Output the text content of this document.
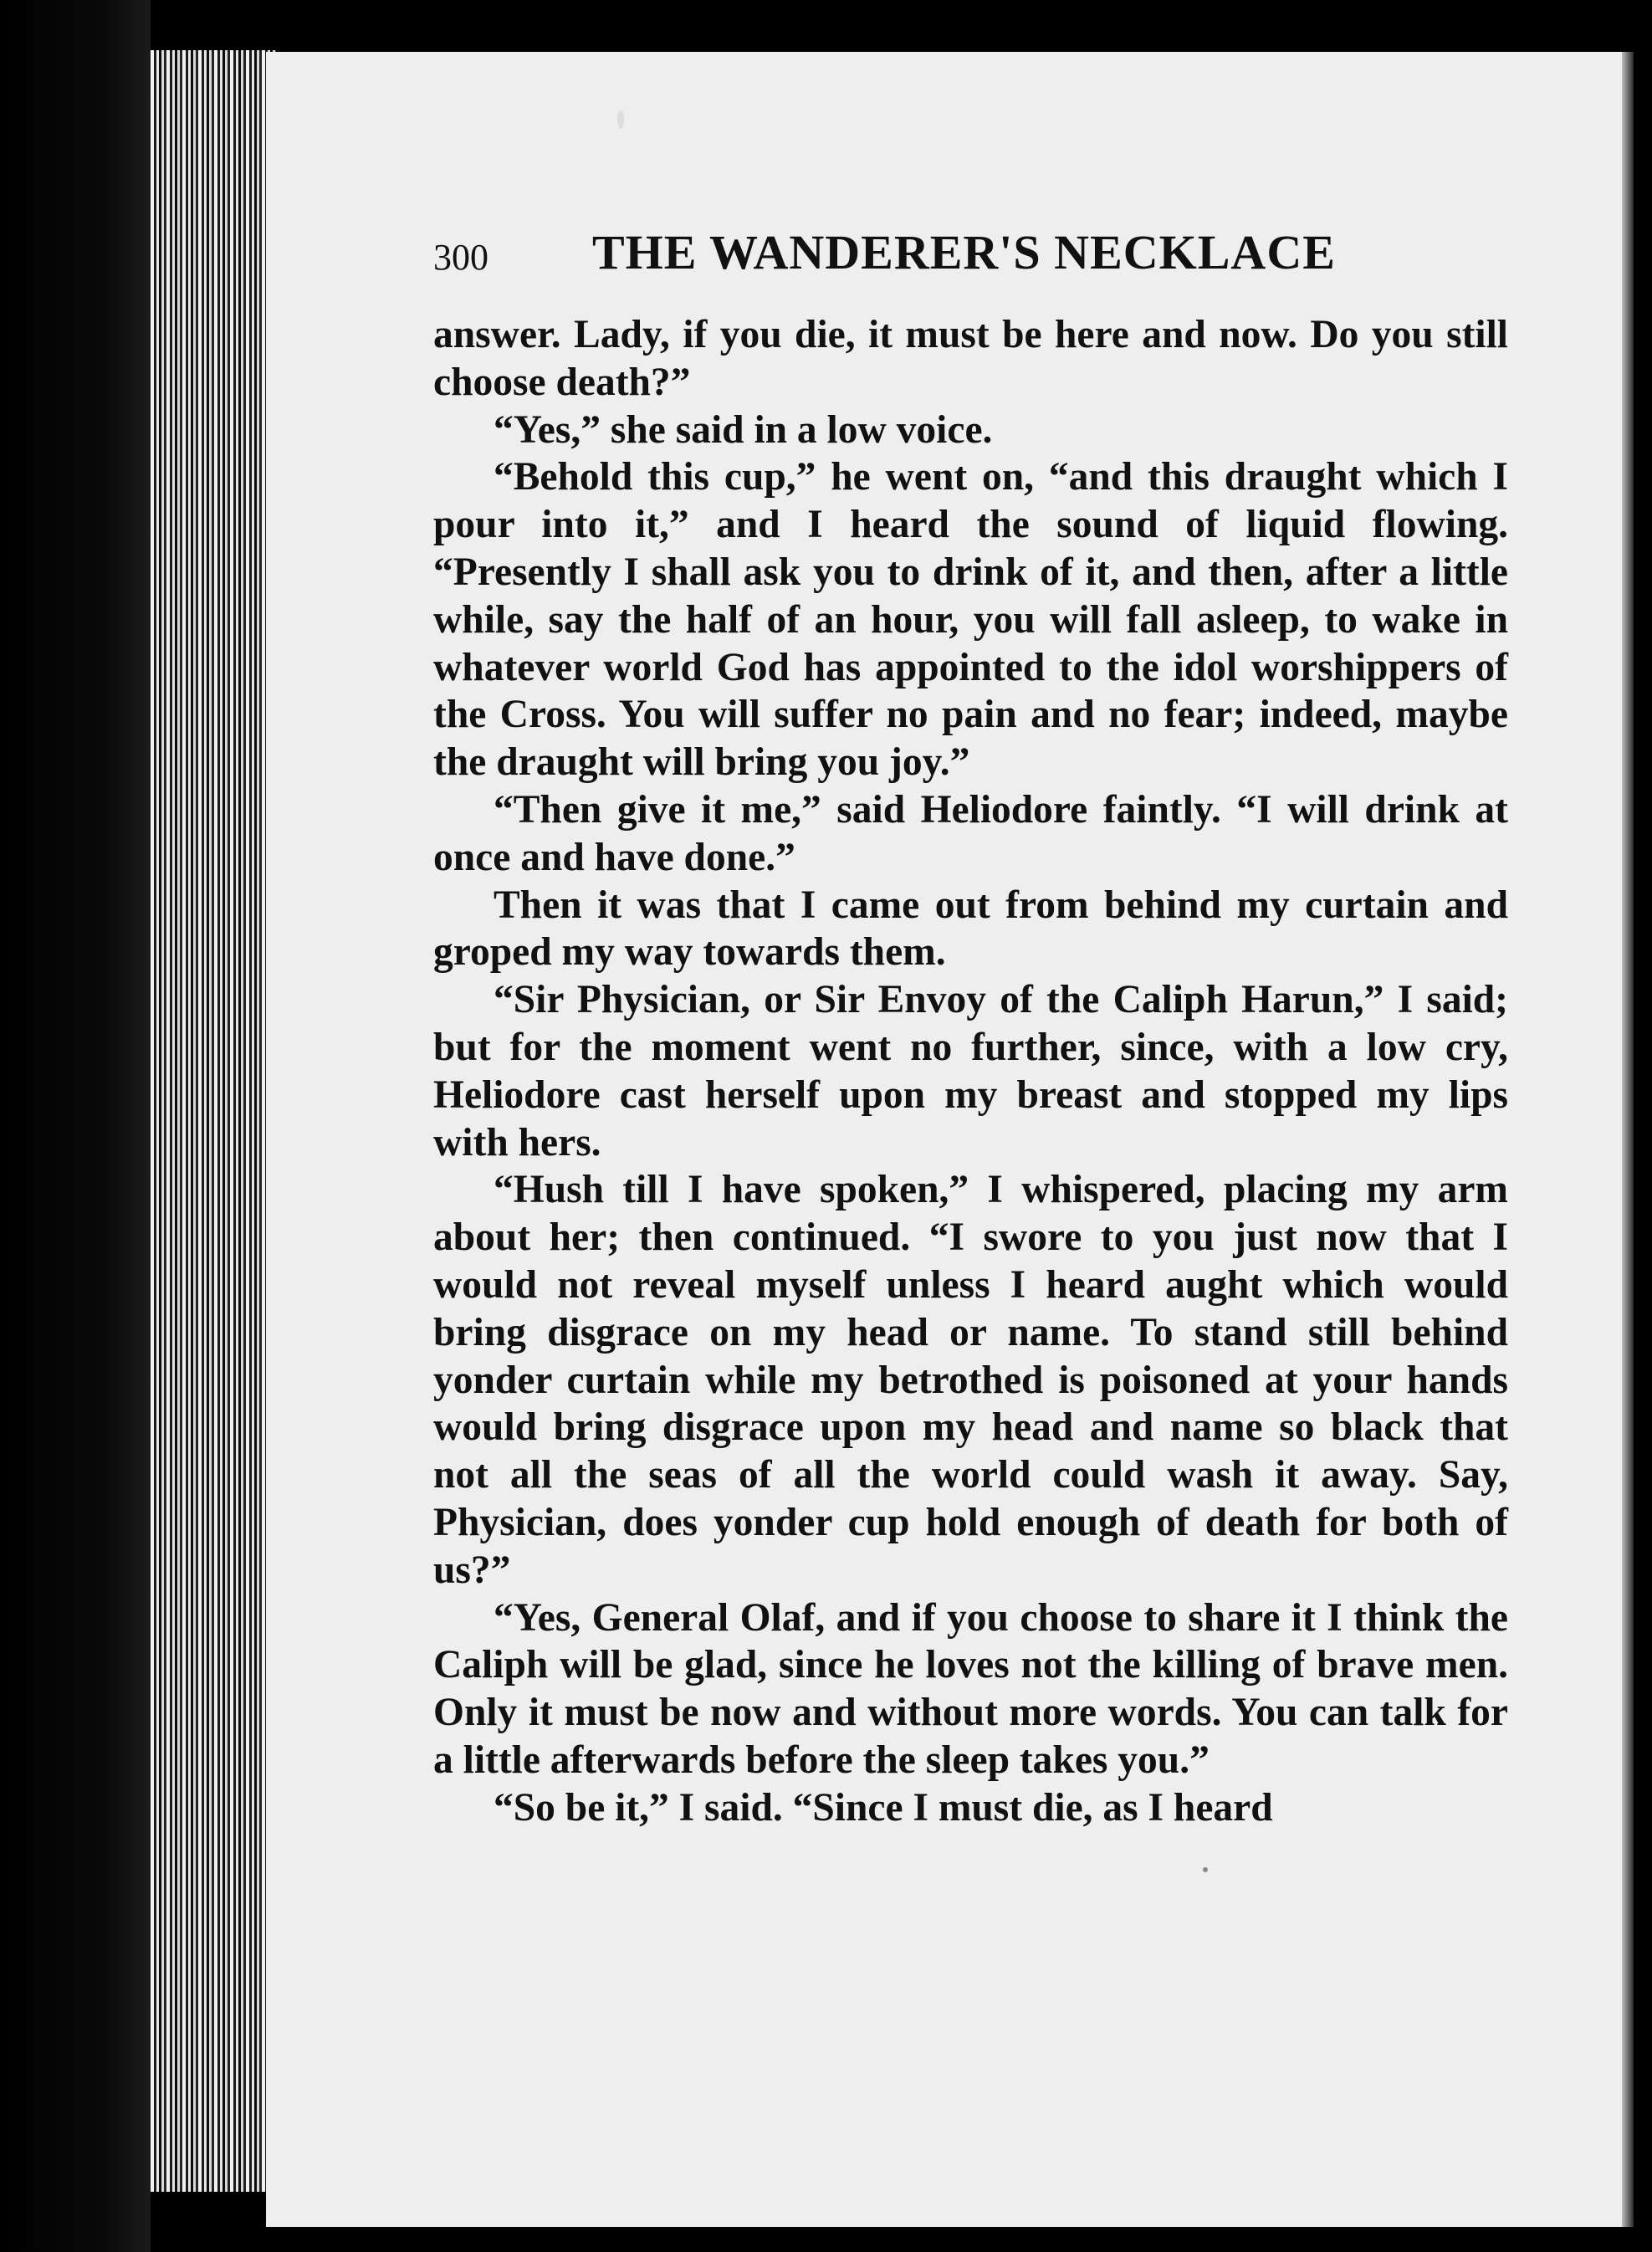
300 THE WANDERER'S NECKLACE

answer. Lady, if you die, it must be here and now. Do you still choose death?”

“Yes,” she said in a low voice.

“Behold this cup,” he went on, “and this draught which I pour into it,” and I heard the sound of liquid flowing. “Presently I shall ask you to drink of it, and then, after a little while, say the half of an hour, you will fall asleep, to wake in whatever world God has appointed to the idol worshippers of the Cross. You will suffer no pain and no fear; indeed, maybe the draught will bring you joy.”

“Then give it me,” said Heliodore faintly. “I will drink at once and have done.”

Then it was that I came out from behind my curtain and groped my way towards them.

“Sir Physician, or Sir Envoy of the Caliph Harun,” I said; but for the moment went no further, since, with a low cry, Heliodore cast herself upon my breast and stopped my lips with hers.

“Hush till I have spoken,” I whispered, placing my arm about her; then continued. “I swore to you just now that I would not reveal myself unless I heard aught which would bring disgrace on my head or name. To stand still behind yonder curtain while my betrothed is poisoned at your hands would bring disgrace upon my head and name so black that not all the seas of all the world could wash it away. Say, Physician, does yonder cup hold enough of death for both of us?”

“Yes, General Olaf, and if you choose to share it I think the Caliph will be glad, since he loves not the killing of brave men. Only it must be now and without more words. You can talk for a little afterwards before the sleep takes you.”

“So be it,” I said. “Since I must die, as I heard
